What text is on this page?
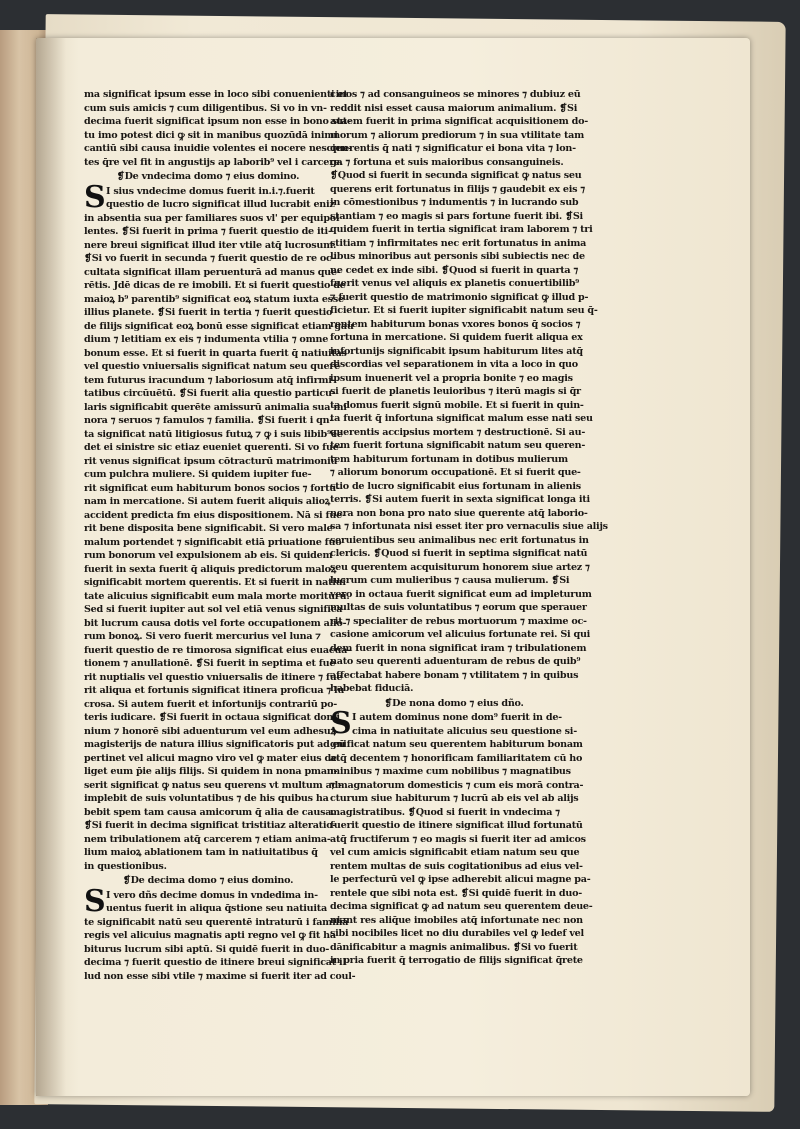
ma significat ipsum esse in loco sibi conuenienti et
cum suis amicis ⁊ cum diligentibus. Si vo in vn-
decima fuerit significat ipsum non esse in bono sta-
tu imo potest dici ꝙ sit in manibus quozūdā inimi
cantiū sibi causa inuidie volentes ei nocere nescien-
tes q̄re vel fit in angustijs ap laborib⁹ vel i carcere.
❡De vndecima domo ⁊ eius domino.
S I sius vndecime domus fuerit in.i.⁊.fuerit
questio de lucro significat illud lucrabit eniz
in absentia sua per familiares suos vl' per equipol
lentes. ❡Si fuerit in prima ⁊ fuerit questio de iti-
nere breui significat illud iter vtile atq̄ lucrosum.
❡Si vo fuerit in secunda ⁊ fuerit questio de re oc-
cultata significat illam peruenturā ad manus que-
rētis. Jdē dicas de re imobili. Et si fuerit questio de
maioꝝ b⁹ parentib⁹ significat eoꝝ statum iuxta esse
illius planete. ❡Si fuerit in tertia ⁊ fuerit questio
de filijs significat eoꝝ bonū esse significat etiam gau
dium ⁊ letitiam ex eis ⁊ indumenta vtilia ⁊ omne
bonum esse. Et si fuerit in quarta fuerit q̄ natiuitas
vel questio vniuersalis significat natum seu querē
tem futurus iracundum ⁊ laboriosum atq̄ infirmi-
tatibus circūuētū. ❡Si fuerit alia questio particu-
laris significabit querēte amissurū animalia sua mi
nora ⁊ seruos ⁊ famulos ⁊ familia. ❡Si fuerit i qn-
ta significat natū litigiosus futuꝝ ⁊ ꝙ i suis libib⁹ee
det ei sinistre sic etiaz eueniet querenti. Si vo fue-
rit venus significat ipsum cōtracturū matrimoniū
cum pulchra muliere. Si quidem iupiter fue-
rit significat eum habiturum bonos socios ⁊ fortu-
nam in mercatione. Si autem fuerit aliquis alioꝝ
accident predicta fm eius dispositionem. Nā si fue-
rit bene disposita bene significabit. Si vero male
malum portendet ⁊ significabit etiā priuatione fuo
rum bonorum vel expulsionem ab eis. Si quidem
fuerit in sexta fuerit q̄ aliquis predictorum maloꝝ
significabit mortem querentis. Et si fuerit in natiui
tate alicuius significabit eum mala morte moriturū.
Sed si fuerit iupiter aut sol vel etiā venus significa
bit lucrum causa dotis vel forte occupationem alio-
rum bonoꝝ. Si vero fuerit mercurius vel luna ⁊
fuerit questio de re timorosa significat eius euacua-
tionem ⁊ anullationē. ❡Si fuerit in septima et fue
rit nuptialis vel questio vniuersalis de itinere ⁊ fue
rit aliqua et fortunis significat itinera proficua ⁊ lu
crosa. Si autem fuerit et infortunijs contrariū po-
teris iudicare. ❡Si fuerit in octaua significat domi
nium ⁊ honorē sibi aduenturum vel eum adhesuꝝ
magisterijs de natura illius significatoris put ad eū
pertinet vel alicui magno viro vel ꝙ mater eius de
liget eum p̄ie alijs filijs. Si quidem in nona pman-
serit significat ꝙ natus seu querens vt multum ad-
implebit de suis voluntatibus ⁊ de his quibus ha
bebit spem tam causa amicorum q̄ alia de causa.
❡Si fuerit in decima significat tristitiaz alteratio-
nem tribulationem atq̄ carcerem ⁊ etiam anima-
lium maioꝝ ablationem tam in natiuitatibus q̄
in questionibus.
❡De decima domo ⁊ eius domino.
S I vero dñs decime domus in vndedima in-
uentus fuerit in aliqua q̄stione seu natiuita
te significabit natū seu querentē intraturū i familiā
regis vel alicuius magnatis apti regno vel ꝙ fit ha
biturus lucrum sibi aptū. Si quidē fuerit in duo-
decima ⁊ fuerit questio de itinere breui significat il
lud non esse sibi vtile ⁊ maxime si fuerit iter ad coul-
cinos ⁊ ad consanguineos se minores ⁊ dubiuz eū
reddit nisi esset causa maiorum animalium. ❡Si
autem fuerit in prima significat acquisitionem do-
morum ⁊ aliorum prediorum ⁊ in sua vtilitate tam
querentis q̄ nati ⁊ significatur ei bona vita ⁊ lon-
ga ⁊ fortuna et suis maioribus consanguineis.
❡Quod si fuerit in secunda significat ꝙ natus seu
querens erit fortunatus in filijs ⁊ gaudebit ex eis ⁊
in cōmestionibus ⁊ indumentis ⁊ in lucrando sub
stantiam ⁊ eo magis si pars fortune fuerit ibi. ❡Si
quidem fuerit in tertia significat iram laborem ⁊ tri
stitiam ⁊ infirmitates nec erit fortunatus in anima
libus minoribus aut personis sibi subiectis nec de
ne cedet ex inde sibi. ❡Quod si fuerit in quarta ⁊
fuerit venus vel aliquis ex planetis conuertibilib⁹
⁊ fuerit questio de matrimonio significat ꝙ illud p-
ficietur. Et si fuerit iupiter significabit natum seu q̄-
rentem habiturum bonas vxores bonos q̄ socios ⁊
fortuna in mercatione. Si quidem fuerit aliqua ex
infortunijs significabit ipsum habiturum lites atq̄
discordias vel separationem in vita a loco in quo
ipsum inuenerit vel a propria bonite ⁊ eo magis
si fuerit de planetis leuioribus ⁊ iterū magis si q̄r
ta domus fuerit signū mobile. Et si fuerit in quin-
ta fuerit q̄ infortuna significat malum esse nati seu
querentis accipsius mortem ⁊ destructionē. Si au-
tem fuerit fortuna significabit natum seu queren-
tem habiturum fortunam in dotibus mulierum
⁊ aliorum bonorum occupationē. Et si fuerit que-
stio de lucro significabit eius fortunam in alienis
terris. ❡Si autem fuerit in sexta significat longa iti
nera non bona pro nato siue querente atq̄ laborio-
sa ⁊ infortunata nisi esset iter pro vernaculis siue alijs
seruientibus seu animalibus nec erit fortunatus in
clericis. ❡Quod si fuerit in septima significat natū
seu querentem acquisiturum honorem siue artez ⁊
lucrum cum mulieribus ⁊ causa mulierum. ❡Si
vero in octaua fuerit significat eum ad impleturum
multas de suis voluntatibus ⁊ eorum que sperauer
rit ⁊ specialiter de rebus mortuorum ⁊ maxime oc-
casione amicorum vel alicuius fortunate rei. Si qui
dem fuerit in nona significat iram ⁊ tribulationem
nato seu querenti aduenturam de rebus de quib⁹
affectabat habere bonam ⁊ vtilitatem ⁊ in quibus
habebat fiduciā.
❡De nona domo ⁊ eius dño.
S I autem dominus none dom⁹ fuerit in de-
cima in natiuitate alicuius seu questione si-
gnificat natum seu querentem habiturum bonam
atq̄ decentem ⁊ honorificam familiaritatem cū ho
minibus ⁊ maxime cum nobilibus ⁊ magnatibus
⁊ magnatorum domesticis ⁊ cum eis morā contra-
cturum siue habiturum ⁊ lucrū ab eis vel ab alijs
magistratibus. ❡Quod si fuerit in vndecima ⁊
fuerit questio de itinere significat illud fortunatū
atq̄ fructiferum ⁊ eo magis si fuerit iter ad amicos
vel cum amicis significabit etiam natum seu que
rentem multas de suis cogitationibus ad eius vel-
le perfecturū vel ꝙ ipse adherebit alicui magne pa-
rentele que sibi nota est. ❡Si quidē fuerit in duo-
decima significat ꝙ ad natum seu querentem deue-
niant res aliq̄ue imobiles atq̄ infortunate nec non
sibi nocibiles licet no diu durabiles vel ꝙ ledef vel
dānificabitur a magnis animalibus. ❡Si vo fuerit
in pria fuerit q̄ terrogatio de filijs significat q̄rete
